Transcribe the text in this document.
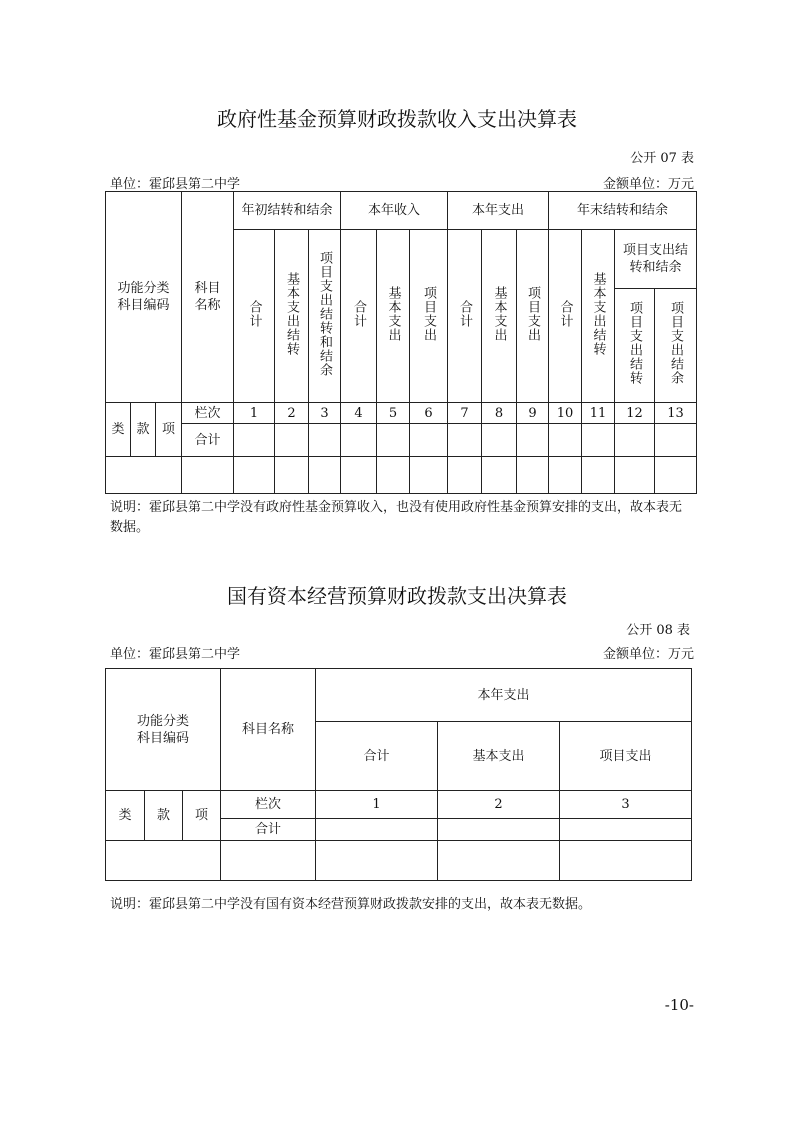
政府性基金预算财政拨款收入支出决算表
公开 07 表
单位：霍邱县第二中学	金额单位：万元
功能分类科目编码			科目名称	年初结转和结余			本年收入			本年支出			年末结转和结余			
				合计	基本支出结转	项目支出结转和结余	合计	基本支出	项目支出	合计	基本支出	项目支出	合计	基本支出结转	项目支出结转和结余	
															项目支出结转	项目支出结余
类	款	项	栏次	1	2	3	4	5	6	7	8	9	10	11	12	13
			合计													

说明：霍邱县第二中学没有政府性基金预算收入，也没有使用政府性基金预算安排的支出，故本表无数据。
国有资本经营预算财政拨款支出决算表
公开 08 表
单位：霍邱县第二中学	金额单位：万元
功能分类科目编码			科目名称	本年支出		
				合计	基本支出	项目支出
类	款	项	栏次	1	2	3
			合计			

说明：霍邱县第二中学没有国有资本经营预算财政拨款安排的支出，故本表无数据。
-10-
